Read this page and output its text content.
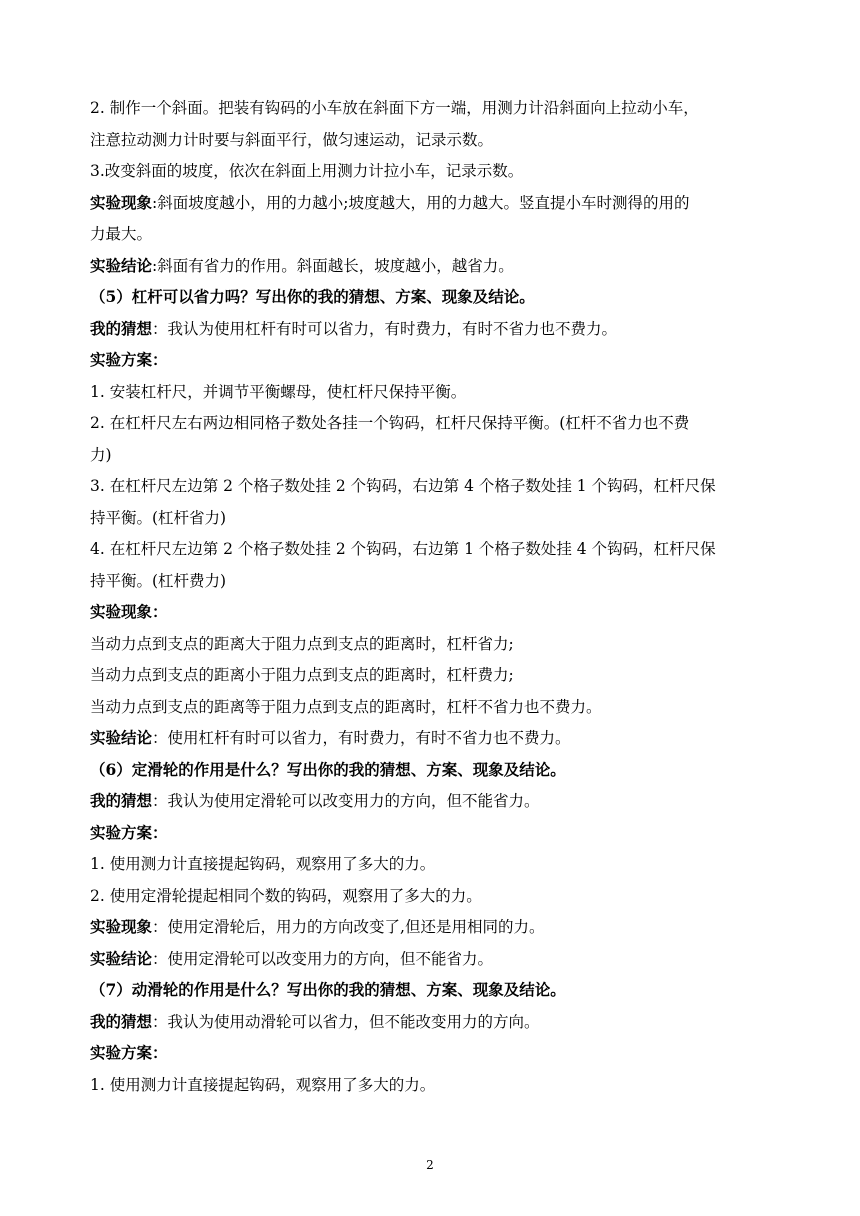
2. 制作一个斜面。把装有钩码的小车放在斜面下方一端，用测力计沿斜面向上拉动小车，
注意拉动测力计时要与斜面平行，做匀速运动，记录示数。
3.改变斜面的坡度，依次在斜面上用测力计拉小车，记录示数。
实验现象:斜面坡度越小，用的力越小;坡度越大，用的力越大。竖直提小车时测得的用的
力最大。
实验结论:斜面有省力的作用。斜面越长，坡度越小，越省力。
（5）杠杆可以省力吗？写出你的我的猜想、方案、现象及结论。
我的猜想：我认为使用杠杆有时可以省力，有时费力，有时不省力也不费力。
实验方案：
1. 安装杠杆尺，并调节平衡螺母，使杠杆尺保持平衡。
2. 在杠杆尺左右两边相同格子数处各挂一个钩码，杠杆尺保持平衡。(杠杆不省力也不费
力)
3. 在杠杆尺左边第 2 个格子数处挂 2 个钩码，右边第 4 个格子数处挂 1 个钩码，杠杆尺保
持平衡。(杠杆省力)
4. 在杠杆尺左边第 2 个格子数处挂 2 个钩码，右边第 1 个格子数处挂 4 个钩码，杠杆尺保
持平衡。(杠杆费力)
实验现象：
当动力点到支点的距离大于阻力点到支点的距离时，杠杆省力;
当动力点到支点的距离小于阻力点到支点的距离时，杠杆费力;
当动力点到支点的距离等于阻力点到支点的距离时，杠杆不省力也不费力。
实验结论：使用杠杆有时可以省力，有时费力，有时不省力也不费力。
（6）定滑轮的作用是什么？写出你的我的猜想、方案、现象及结论。
我的猜想：我认为使用定滑轮可以改变用力的方向，但不能省力。
实验方案：
1. 使用测力计直接提起钩码，观察用了多大的力。
2. 使用定滑轮提起相同个数的钩码，观察用了多大的力。
实验现象：使用定滑轮后，用力的方向改变了,但还是用相同的力。
实验结论：使用定滑轮可以改变用力的方向，但不能省力。
（7）动滑轮的作用是什么？写出你的我的猜想、方案、现象及结论。
我的猜想：我认为使用动滑轮可以省力，但不能改变用力的方向。
实验方案：
1. 使用测力计直接提起钩码，观察用了多大的力。
2
